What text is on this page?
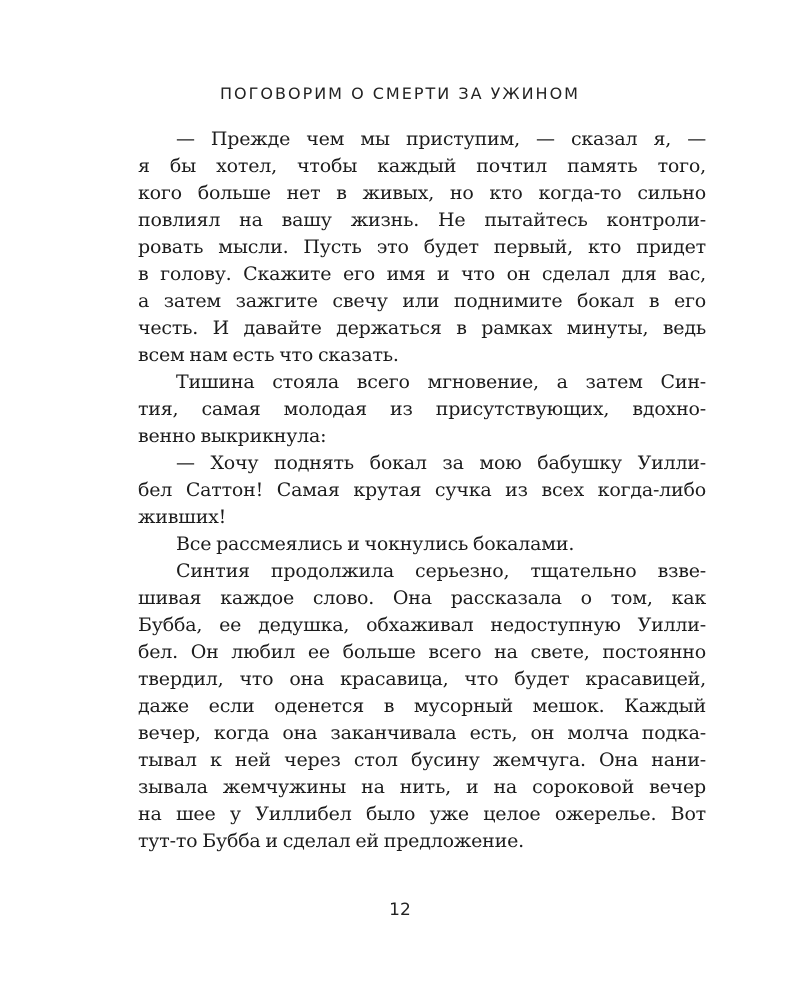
ПОГОВОРИМ О СМЕРТИ ЗА УЖИНОМ
— Прежде чем мы приступим, — сказал я, —
я бы хотел, чтобы каждый почтил память того,
кого больше нет в живых, но кто когда-то сильно
повлиял на вашу жизнь. Не пытайтесь контроли-
ровать мысли. Пусть это будет первый, кто придет
в голову. Скажите его имя и что он сделал для вас,
а затем зажгите свечу или поднимите бокал в его
честь. И давайте держаться в рамках минуты, ведь
всем нам есть что сказать.
Тишина стояла всего мгновение, а затем Син-
тия, самая молодая из присутствующих, вдохно-
венно выкрикнула:
— Хочу поднять бокал за мою бабушку Уилли-
бел Саттон! Самая крутая сучка из всех когда-либо
живших!
Все рассмеялись и чокнулись бокалами.
Синтия продолжила серьезно, тщательно взве-
шивая каждое слово. Она рассказала о том, как
Бубба, ее дедушка, обхаживал недоступную Уилли-
бел. Он любил ее больше всего на свете, постоянно
твердил, что она красавица, что будет красавицей,
даже если оденется в мусорный мешок. Каждый
вечер, когда она заканчивала есть, он молча подка-
тывал к ней через стол бусину жемчуга. Она нани-
зывала жемчужины на нить, и на сороковой вечер
на шее у Уиллибел было уже целое ожерелье. Вот
тут-то Бубба и сделал ей предложение.
12
